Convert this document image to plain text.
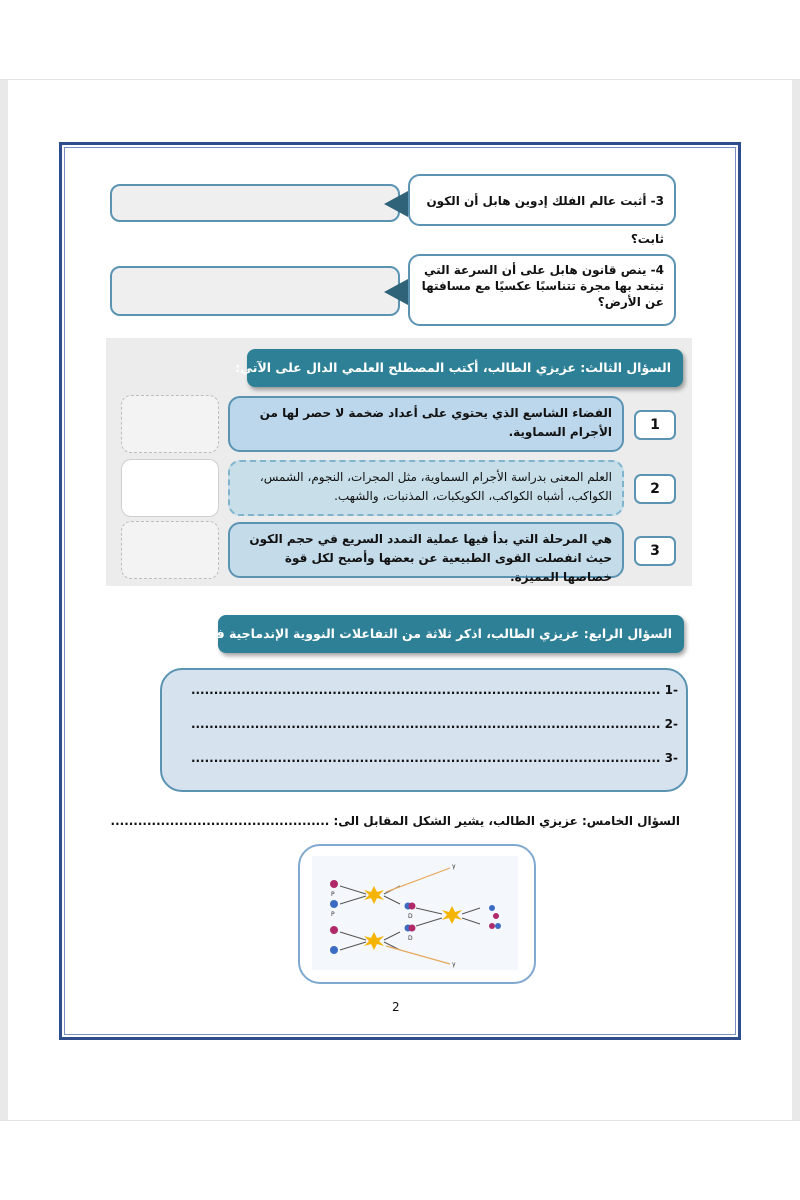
3- أثبت عالم الفلك إدوين هابل أن الكون ثابت؟
4- ينص قانون هابل على أن السرعة التي تبتعد بها مجرة تتناسبًا عكسيًا مع مسافتها عن الأرض؟
السؤال الثالث: عزيزي الطالب، أكتب المصطلح العلمي الدال على الآتي:
الفضاء الشاسع الذي يحتوي على أعداد ضخمة لا حصر لها من الأجرام السماوية.	1
العلم المعنى بدراسة الأجرام السماوية، مثل المجرات، النجوم، الشمس، الكواكب، أشباه الكواكب، الكويكبات، المذنبات، والشهب.	2
هي المرحلة التي بدأ فيها عملية التمدد السريع في حجم الكون حيث انفصلت القوى الطبيعية عن بعضها وأصبح لكل قوة خصاصها المميزة.
3
السؤال الرابع: عزيزي الطالب، اذكر ثلاثة من التفاعلات النووية الإندماجية في النجوم:
-1 .......................................................................................................
-2 .......................................................................................................
-3 .......................................................................................................
السؤال الخامس: عزيزي الطالب، يشير الشكل المقابل الى: ................................................
P
P
γ
D
γ
D
2
